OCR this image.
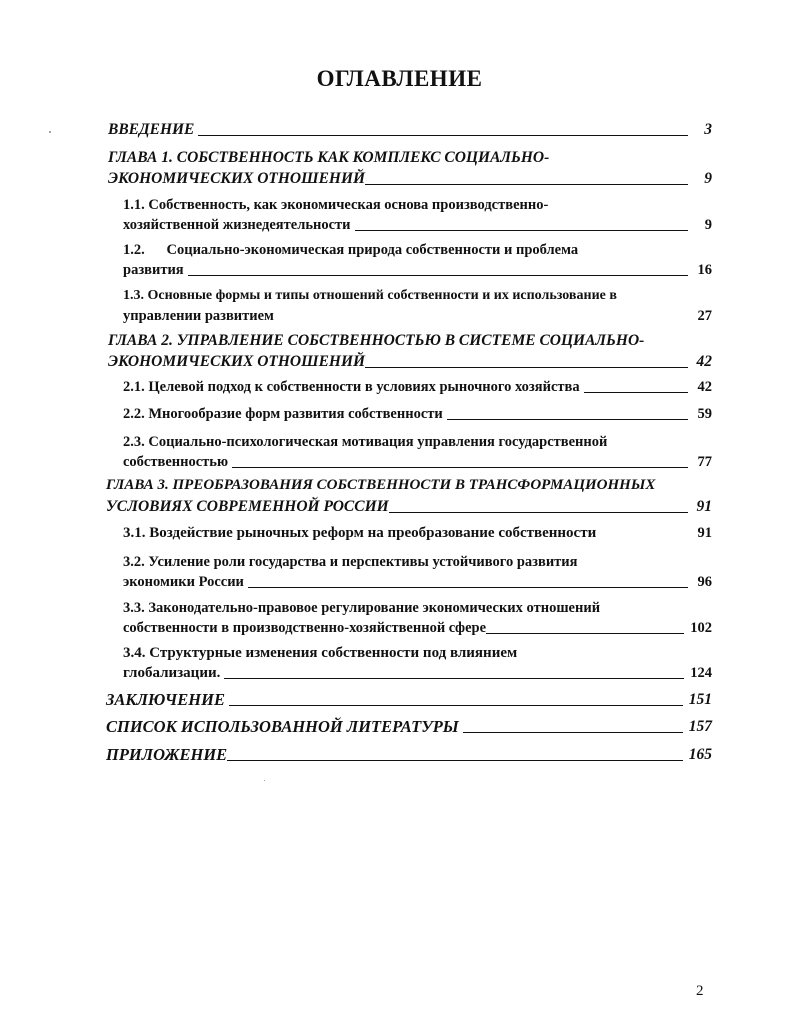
ОГЛАВЛЕНИЕ
ВВЕДЕНИЕ	3
ГЛАВА 1. СОБСТВЕННОСТЬ КАК КОМПЛЕКС СОЦИАЛЬНО-
ЭКОНОМИЧЕСКИХ ОТНОШЕНИЙ	9
1.1. Собственность, как экономическая основа производственно-
хозяйственной жизнедеятельности	9
1.2.      Социально-экономическая природа собственности и проблема
развития	16
1.3. Основные формы и типы отношений собственности и их использование в
управлении развитием	27
ГЛАВА 2. УПРАВЛЕНИЕ СОБСТВЕННОСТЬЮ В СИСТЕМЕ СОЦИАЛЬНО-
ЭКОНОМИЧЕСКИХ ОТНОШЕНИЙ	42
2.1. Целевой подход к собственности в условиях рыночного хозяйства	42
2.2. Многообразие форм развития собственности	59
2.3. Социально-психологическая мотивация управления государственной
собственностью	77
ГЛАВА 3. ПРЕОБРАЗОВАНИЯ СОБСТВЕННОСТИ В ТРАНСФОРМАЦИОННЫХ
УСЛОВИЯХ СОВРЕМЕННОЙ РОССИИ	91
3.1. Воздействие рыночных реформ на преобразование собственности	91
3.2. Усиление роли государства и перспективы устойчивого развития
экономики России	96
3.3. Законодательно-правовое регулирование экономических отношений
собственности в производственно-хозяйственной сфере	102
3.4. Структурные изменения собственности под влиянием
глобализации.	124
ЗАКЛЮЧЕНИЕ	151
СПИСОК ИСПОЛЬЗОВАННОЙ ЛИТЕРАТУРЫ	157
ПРИЛОЖЕНИЕ	165
2
